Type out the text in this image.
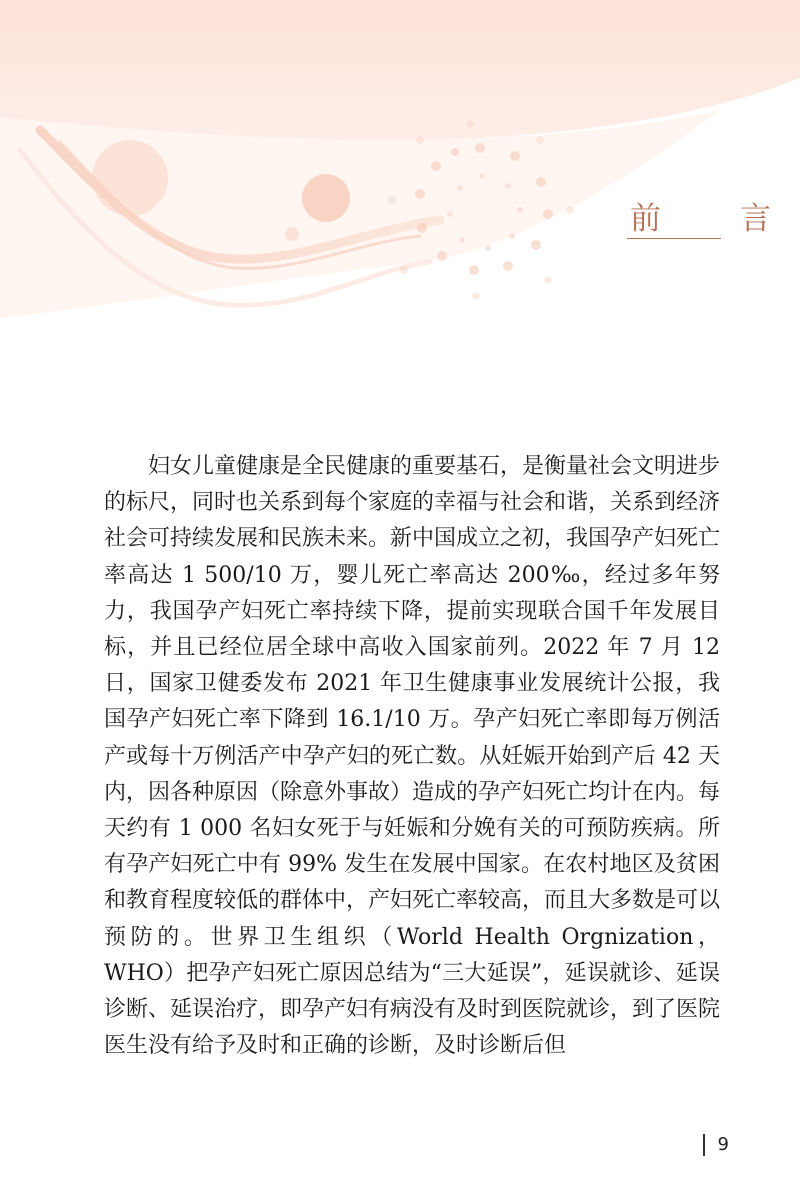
前　言

妇女儿童健康是全民健康的重要基石，是衡量社会文明进步的标尺，同时也关系到每个家庭的幸福与社会和谐，关系到经济社会可持续发展和民族未来。新中国成立之初，我国孕产妇死亡率高达 1 500/10 万，婴儿死亡率高达 200‰，经过多年努力，我国孕产妇死亡率持续下降，提前实现联合国千年发展目标，并且已经位居全球中高收入国家前列。2022 年 7 月 12 日，国家卫健委发布 2021 年卫生健康事业发展统计公报，我国孕产妇死亡率下降到 16.1/10 万。孕产妇死亡率即每万例活产或每十万例活产中孕产妇的死亡数。从妊娠开始到产后 42 天内，因各种原因（除意外事故）造成的孕产妇死亡均计在内。每天约有 1 000 名妇女死于与妊娠和分娩有关的可预防疾病。所有孕产妇死亡中有 99% 发生在发展中国家。在农村地区及贫困和教育程度较低的群体中，产妇死亡率较高，而且大多数是可以预防的。世界卫生组织（World Health Orgnization，WHO）把孕产妇死亡原因总结为“三大延误”，延误就诊、延误诊断、延误治疗，即孕产妇有病没有及时到医院就诊，到了医院医生没有给予及时和正确的诊断，及时诊断后但

9
